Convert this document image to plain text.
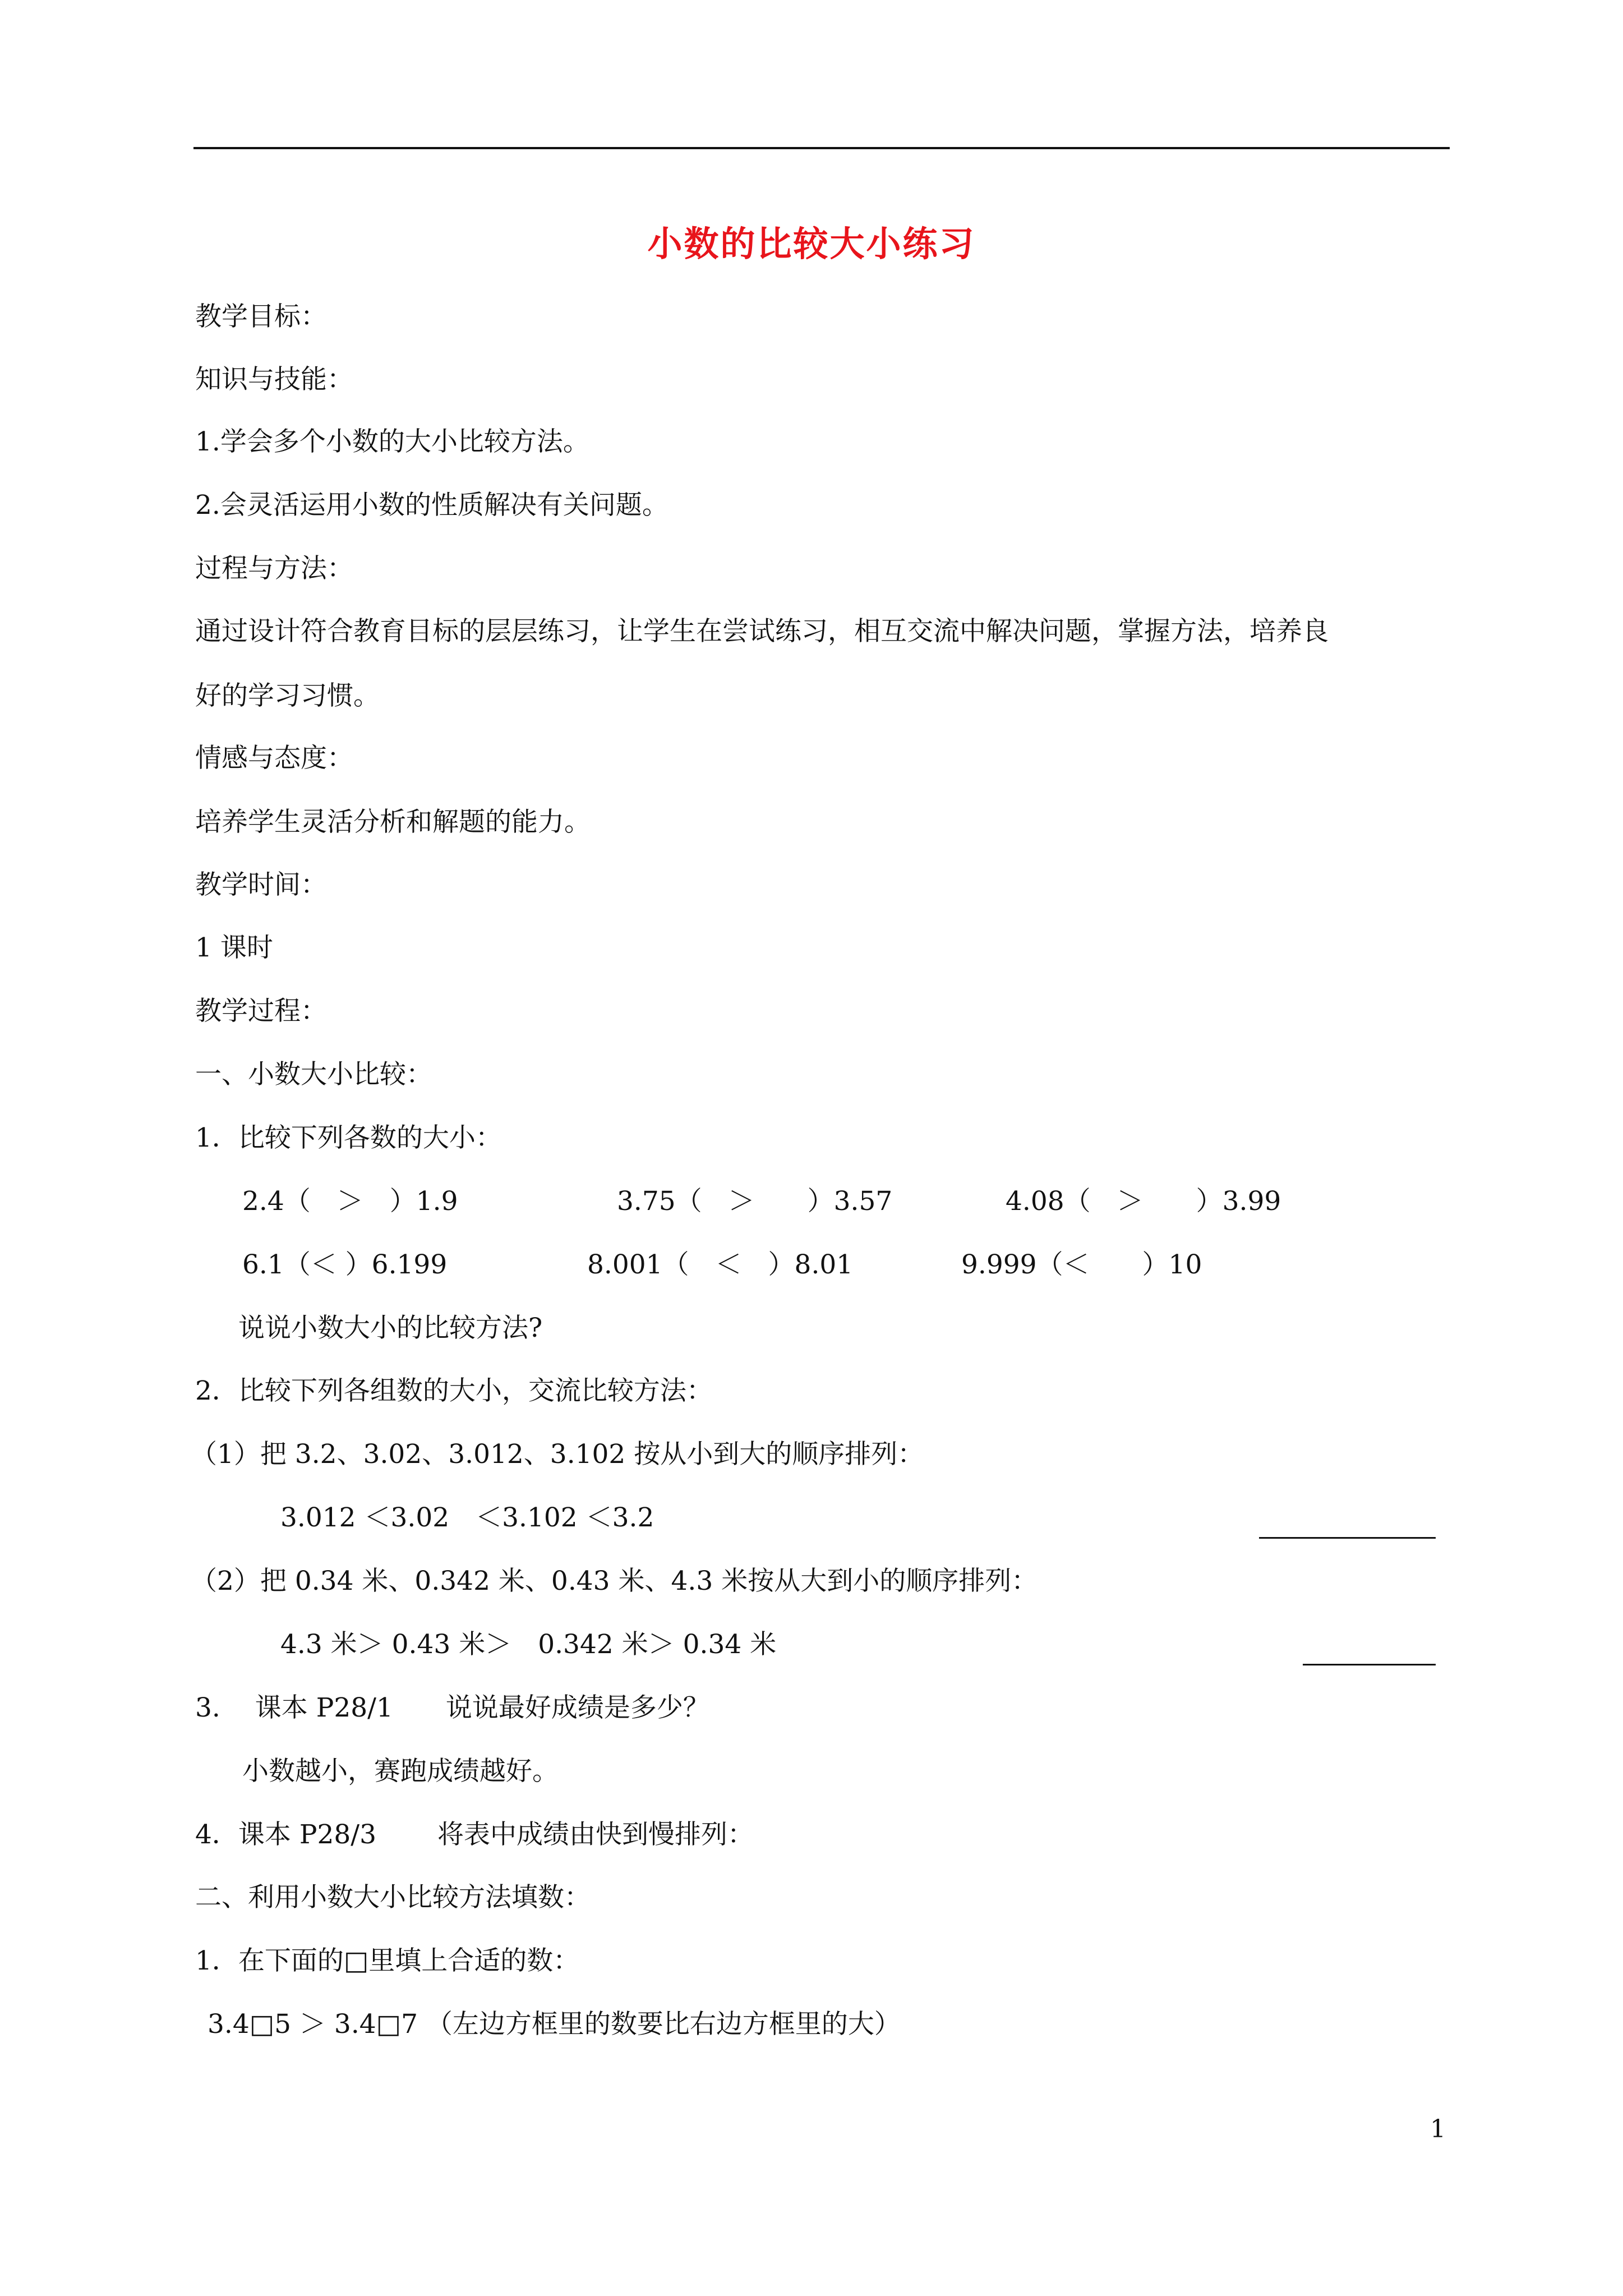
小数的比较大小练习
教学目标：
知识与技能：
1.学会多个小数的大小比较方法。
2.会灵活运用小数的性质解决有关问题。
过程与方法：
通过设计符合教育目标的层层练习，让学生在尝试练习，相互交流中解决问题，掌握方法，培养良
好的学习习惯。
情感与态度：
培养学生灵活分析和解题的能力。
教学时间：
1 课时
教学过程：
一、小数大小比较：
1．比较下列各数的大小：
2.4（　＞　）1.9	3.75（　＞　　）3.57	4.08（　＞　　）3.99
6.1（＜ ）6.199	8.001（　＜　）8.01	9.999（＜　　）10
说说小数大小的比较方法?
2．比较下列各组数的大小，交流比较方法：
（1）把 3.2、3.02、3.012、3.102 按从小到大的顺序排列：
3.012 ＜3.02　＜3.102 ＜3.2
（2）把 0.34 米、0.342 米、0.43 米、4.3 米按从大到小的顺序排列：
4.3 米＞ 0.43 米＞　0.342 米＞ 0.34 米
3.　 课本 P28/1　　说说最好成绩是多少？
小数越小，赛跑成绩越好。
4．课本 P28/3　　 将表中成绩由快到慢排列：
二、利用小数大小比较方法填数：
1．在下面的□里填上合适的数：
3.4□5 ＞ 3.4□7 （左边方框里的数要比右边方框里的大）
1
